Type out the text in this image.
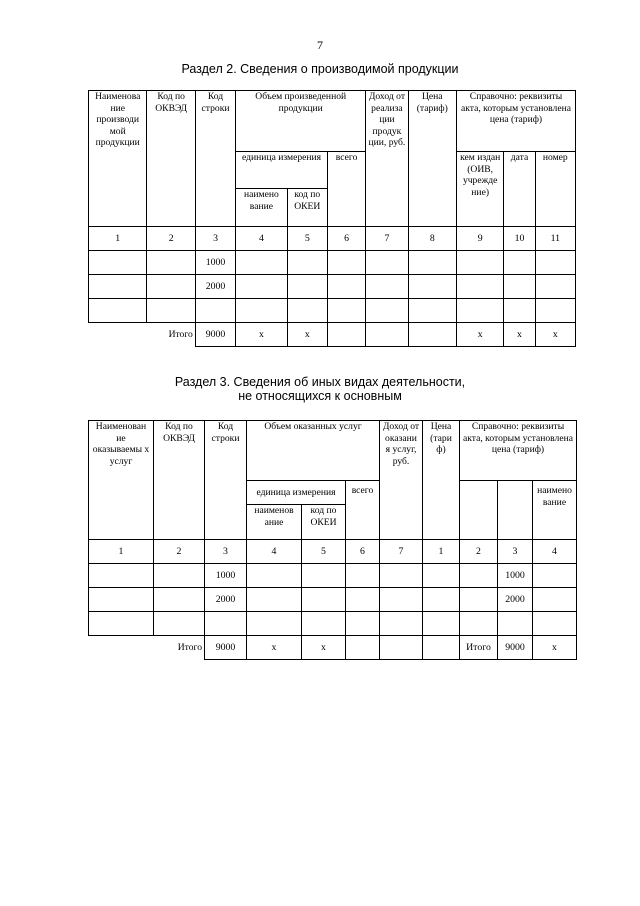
7
Раздел 2. Сведения о производимой продукции
Наименова ние производи мой продукции	Код по ОКВЭД	Код строки	Объем произведенной продукции			Доход от реализа ции продук ции, руб.	Цена (тариф)	Справочно: реквизиты акта, которым установлена цена (тариф)		
			единица измерения		всего			кем издан (ОИВ, учрежде ние)	дата	номер
			наимено вание	код по ОКЕИ						
1	2	3	4	5	6	7	8	9	10	11
		1000								
		2000								

Итого		9000	х	х				х	х	х
Раздел 3. Сведения об иных видах деятельности,
не относящихся к основным
Наименован ие оказываемы х услуг	Код по ОКВЭД	Код строки	Объем оказанных услуг			Доход от оказани я услуг, руб.	Цена (тари ф)	Справочно: реквизиты акта, которым установлена цена (тариф)		
			единица измерения		всего					наимено вание
			наименов ание	код по ОКЕИ						
1	2	3	4	5	6	7	1	2	3	4
		1000							1000	
		2000							2000	

Итого		9000	х	х				Итого	9000	х
